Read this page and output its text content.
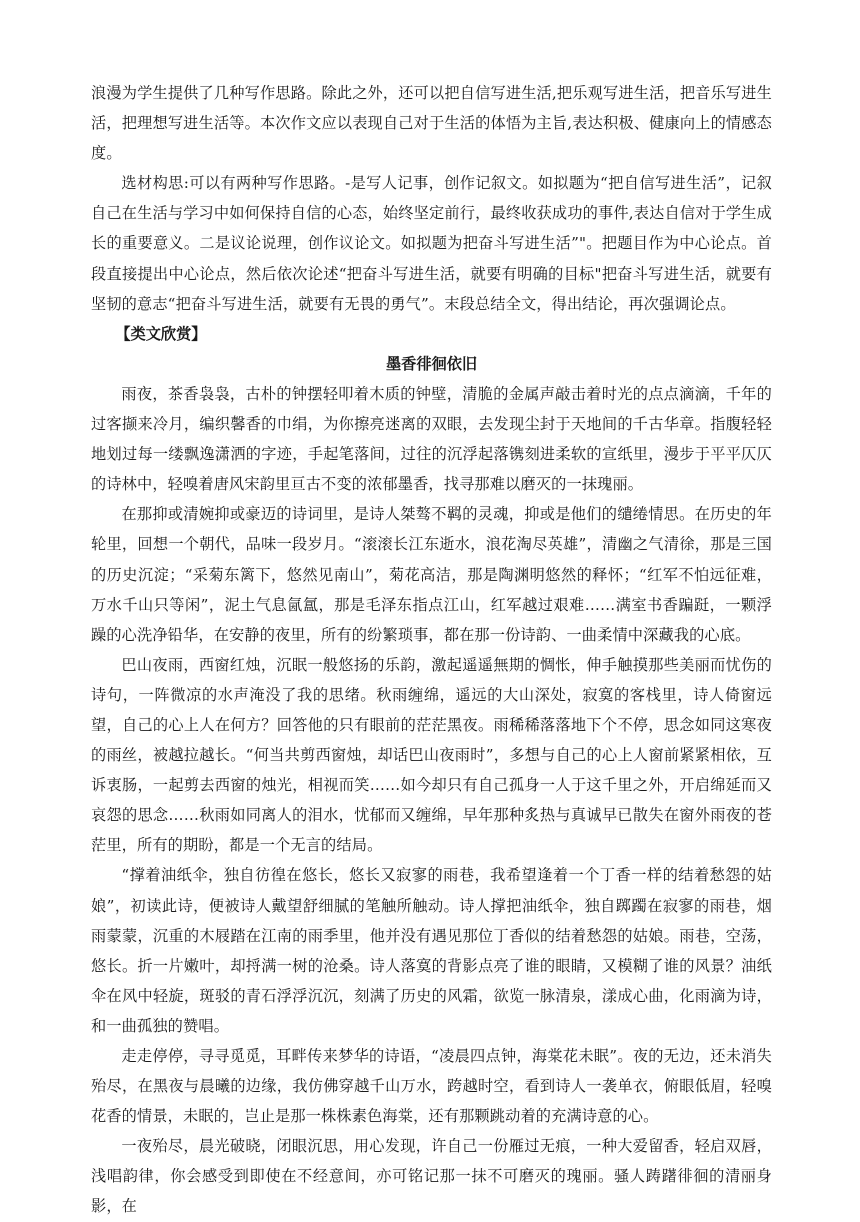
浪漫为学生提供了几种写作思路。除此之外，还可以把自信写进生活,把乐观写进生活，把音乐写进生活，把理想写进生活等。本次作文应以表现自己对于生活的体悟为主旨,表达积极、健康向上的情感态度。

选材构思:可以有两种写作思路。-是写人记事，创作记叙文。如拟题为“把自信写进生活”，记叙自己在生活与学习中如何保持自信的心态，始终坚定前行，最终收获成功的事件,表达自信对于学生成长的重要意义。二是议论说理，创作议论文。如拟题为把奋斗写进生活”"。把题目作为中心论点。首段直接提出中心论点，然后依次论述“把奋斗写进生活，就要有明确的目标"把奋斗写进生活，就要有坚韧的意志“把奋斗写进生活，就要有无畏的勇气”。末段总结全文，得出结论，再次强调论点。

【类文欣赏】

墨香徘徊依旧

雨夜，茶香袅袅，古朴的钟摆轻叩着木质的钟壁，清脆的金属声敲击着时光的点点滴滴，千年的过客撷来冷月，编织馨香的巾绢，为你擦亮迷离的双眼，去发现尘封于天地间的千古华章。指腹轻轻地划过每一缕飘逸潇洒的字迹，手起笔落间，过往的沉浮起落镌刻进柔软的宣纸里，漫步于平平仄仄的诗林中，轻嗅着唐风宋韵里亘古不变的浓郁墨香，找寻那难以磨灭的一抹瑰丽。

在那抑或清婉抑或豪迈的诗词里，是诗人桀骜不羁的灵魂，抑或是他们的缱绻情思。在历史的年轮里，回想一个朝代，品味一段岁月。“滚滚长江东逝水，浪花淘尽英雄”，清幽之气清徐，那是三国的历史沉淀；“采菊东篱下，悠然见南山”，菊花高洁，那是陶渊明悠然的释怀；“红军不怕远征难，万水千山只等闲”，泥土气息氤氲，那是毛泽东指点江山，红军越过艰难……满室书香蹁跹，一颗浮躁的心洗净铅华，在安静的夜里，所有的纷繁琐事，都在那一份诗韵、一曲柔情中深藏我的心底。

巴山夜雨，西窗红烛，沉眠一般悠扬的乐韵，激起遥遥無期的惆怅，伸手触摸那些美丽而忧伤的诗句，一阵微凉的水声淹没了我的思绪。秋雨缠绵，遥远的大山深处，寂寞的客栈里，诗人倚窗远望，自己的心上人在何方？回答他的只有眼前的茫茫黑夜。雨稀稀落落地下个不停，思念如同这寒夜的雨丝，被越拉越长。“何当共剪西窗烛，却话巴山夜雨时”，多想与自己的心上人窗前紧紧相依，互诉衷肠，一起剪去西窗的烛光，相视而笑……如今却只有自己孤身一人于这千里之外，开启绵延而又哀怨的思念……秋雨如同离人的泪水，忧郁而又缠绵，早年那种炙热与真诚早已散失在窗外雨夜的苍茫里，所有的期盼，都是一个无言的结局。

“撑着油纸伞，独自彷徨在悠长，悠长又寂寥的雨巷，我希望逢着一个丁香一样的结着愁怨的姑娘”，初读此诗，便被诗人戴望舒细腻的笔触所触动。诗人撑把油纸伞，独自踯躅在寂寥的雨巷，烟雨蒙蒙，沉重的木屐踏在江南的雨季里，他并没有遇见那位丁香似的结着愁怨的姑娘。雨巷，空荡，悠长。折一片嫩叶，却捋满一树的沧桑。诗人落寞的背影点亮了谁的眼睛，又模糊了谁的风景？油纸伞在风中轻旋，斑驳的青石浮浮沉沉，刻满了历史的风霜，欲览一脉清泉，漾成心曲，化雨滴为诗，和一曲孤独的赞唱。

走走停停，寻寻觅觅，耳畔传来梦华的诗语，“凌晨四点钟，海棠花未眠”。夜的无边，还未消失殆尽，在黑夜与晨曦的边缘，我仿佛穿越千山万水，跨越时空，看到诗人一袭单衣，俯眼低眉，轻嗅花香的情景，未眠的，岂止是那一株株素色海棠，还有那颗跳动着的充满诗意的心。

一夜殆尽，晨光破晓，闭眼沉思，用心发现，许自己一份雁过无痕，一种大爱留香，轻启双唇，浅唱韵律，你会感受到即使在不经意间，亦可铭记那一抹不可磨灭的瑰丽。骚人踌躇徘徊的清丽身影，在
